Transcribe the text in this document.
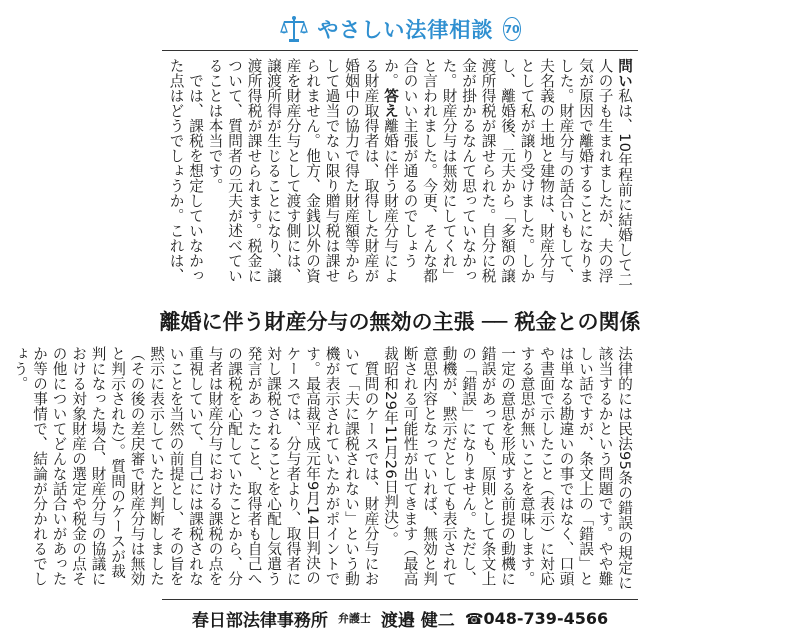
やさしい法律相談 70
問い私は、10年程前に結婚して二人の子も生まれましたが、夫の浮気が原因で離婚することになりました。財産分与の話合いもして、夫名義の土地と建物は、財産分与として私が譲り受けました。しかし、離婚後、元夫から「多額の譲渡所得税が課せられた。自分に税金が掛かるなんて思っていなかった。財産分与は無効にしてくれ」と言われました。今更、そんな都合のいい主張が通るのでしょうか。答え離婚に伴う財産分与による財産取得者は、取得した財産が婚姻中の協力で得た財産額等からして過当でない限り贈与税は課せられません。他方、金銭以外の資産を財産分与として渡す側には、譲渡所得が生じることになり、譲渡所得税が課せられます。税金について、質問者の元夫が述べていることは本当です。
　では、課税を想定していなかった点はどうでしょうか。これは、
離婚に伴う財産分与の無効の主張 ── 税金との関係
法律的には民法95条の錯誤の規定に該当するかという問題です。やや難しい話ですが、条文上の「錯誤」とは単なる勘違いの事ではなく、口頭や書面で示したこと（表示）に対応する意思が無いことを意味します。一定の意思を形成する前提の動機に錯誤があっても、原則として条文上の「錯誤」になりません。ただし、動機が、黙示だとしても表示されて意思内容となっていれば、無効と判断される可能性が出てきます（最高裁昭和29年11月26日判決）。
　質問のケースでは、財産分与において「夫に課税されない」という動機が表示されていたかがポイントです。最高裁平成元年9月14日判決のケースでは、分与者より、取得者に対し課税されることを心配し気遣う発言があったこと、取得者も自己への課税を心配していたことから、分与者は財産分与における課税の点を重視していて、自己には課税されないことを当然の前提とし、その旨を黙示に表示していたと判断しました（その後の差戻審で財産分与は無効と判示された）。質問のケースが裁判になった場合、財産分与の協議における対象財産の選定や税金の点その他についてどんな話合いがあったか等の事情で、結論が分かれるでしょう。
春日部法律事務所 弁護士 渡邉 健二 ☎048-739-4566
